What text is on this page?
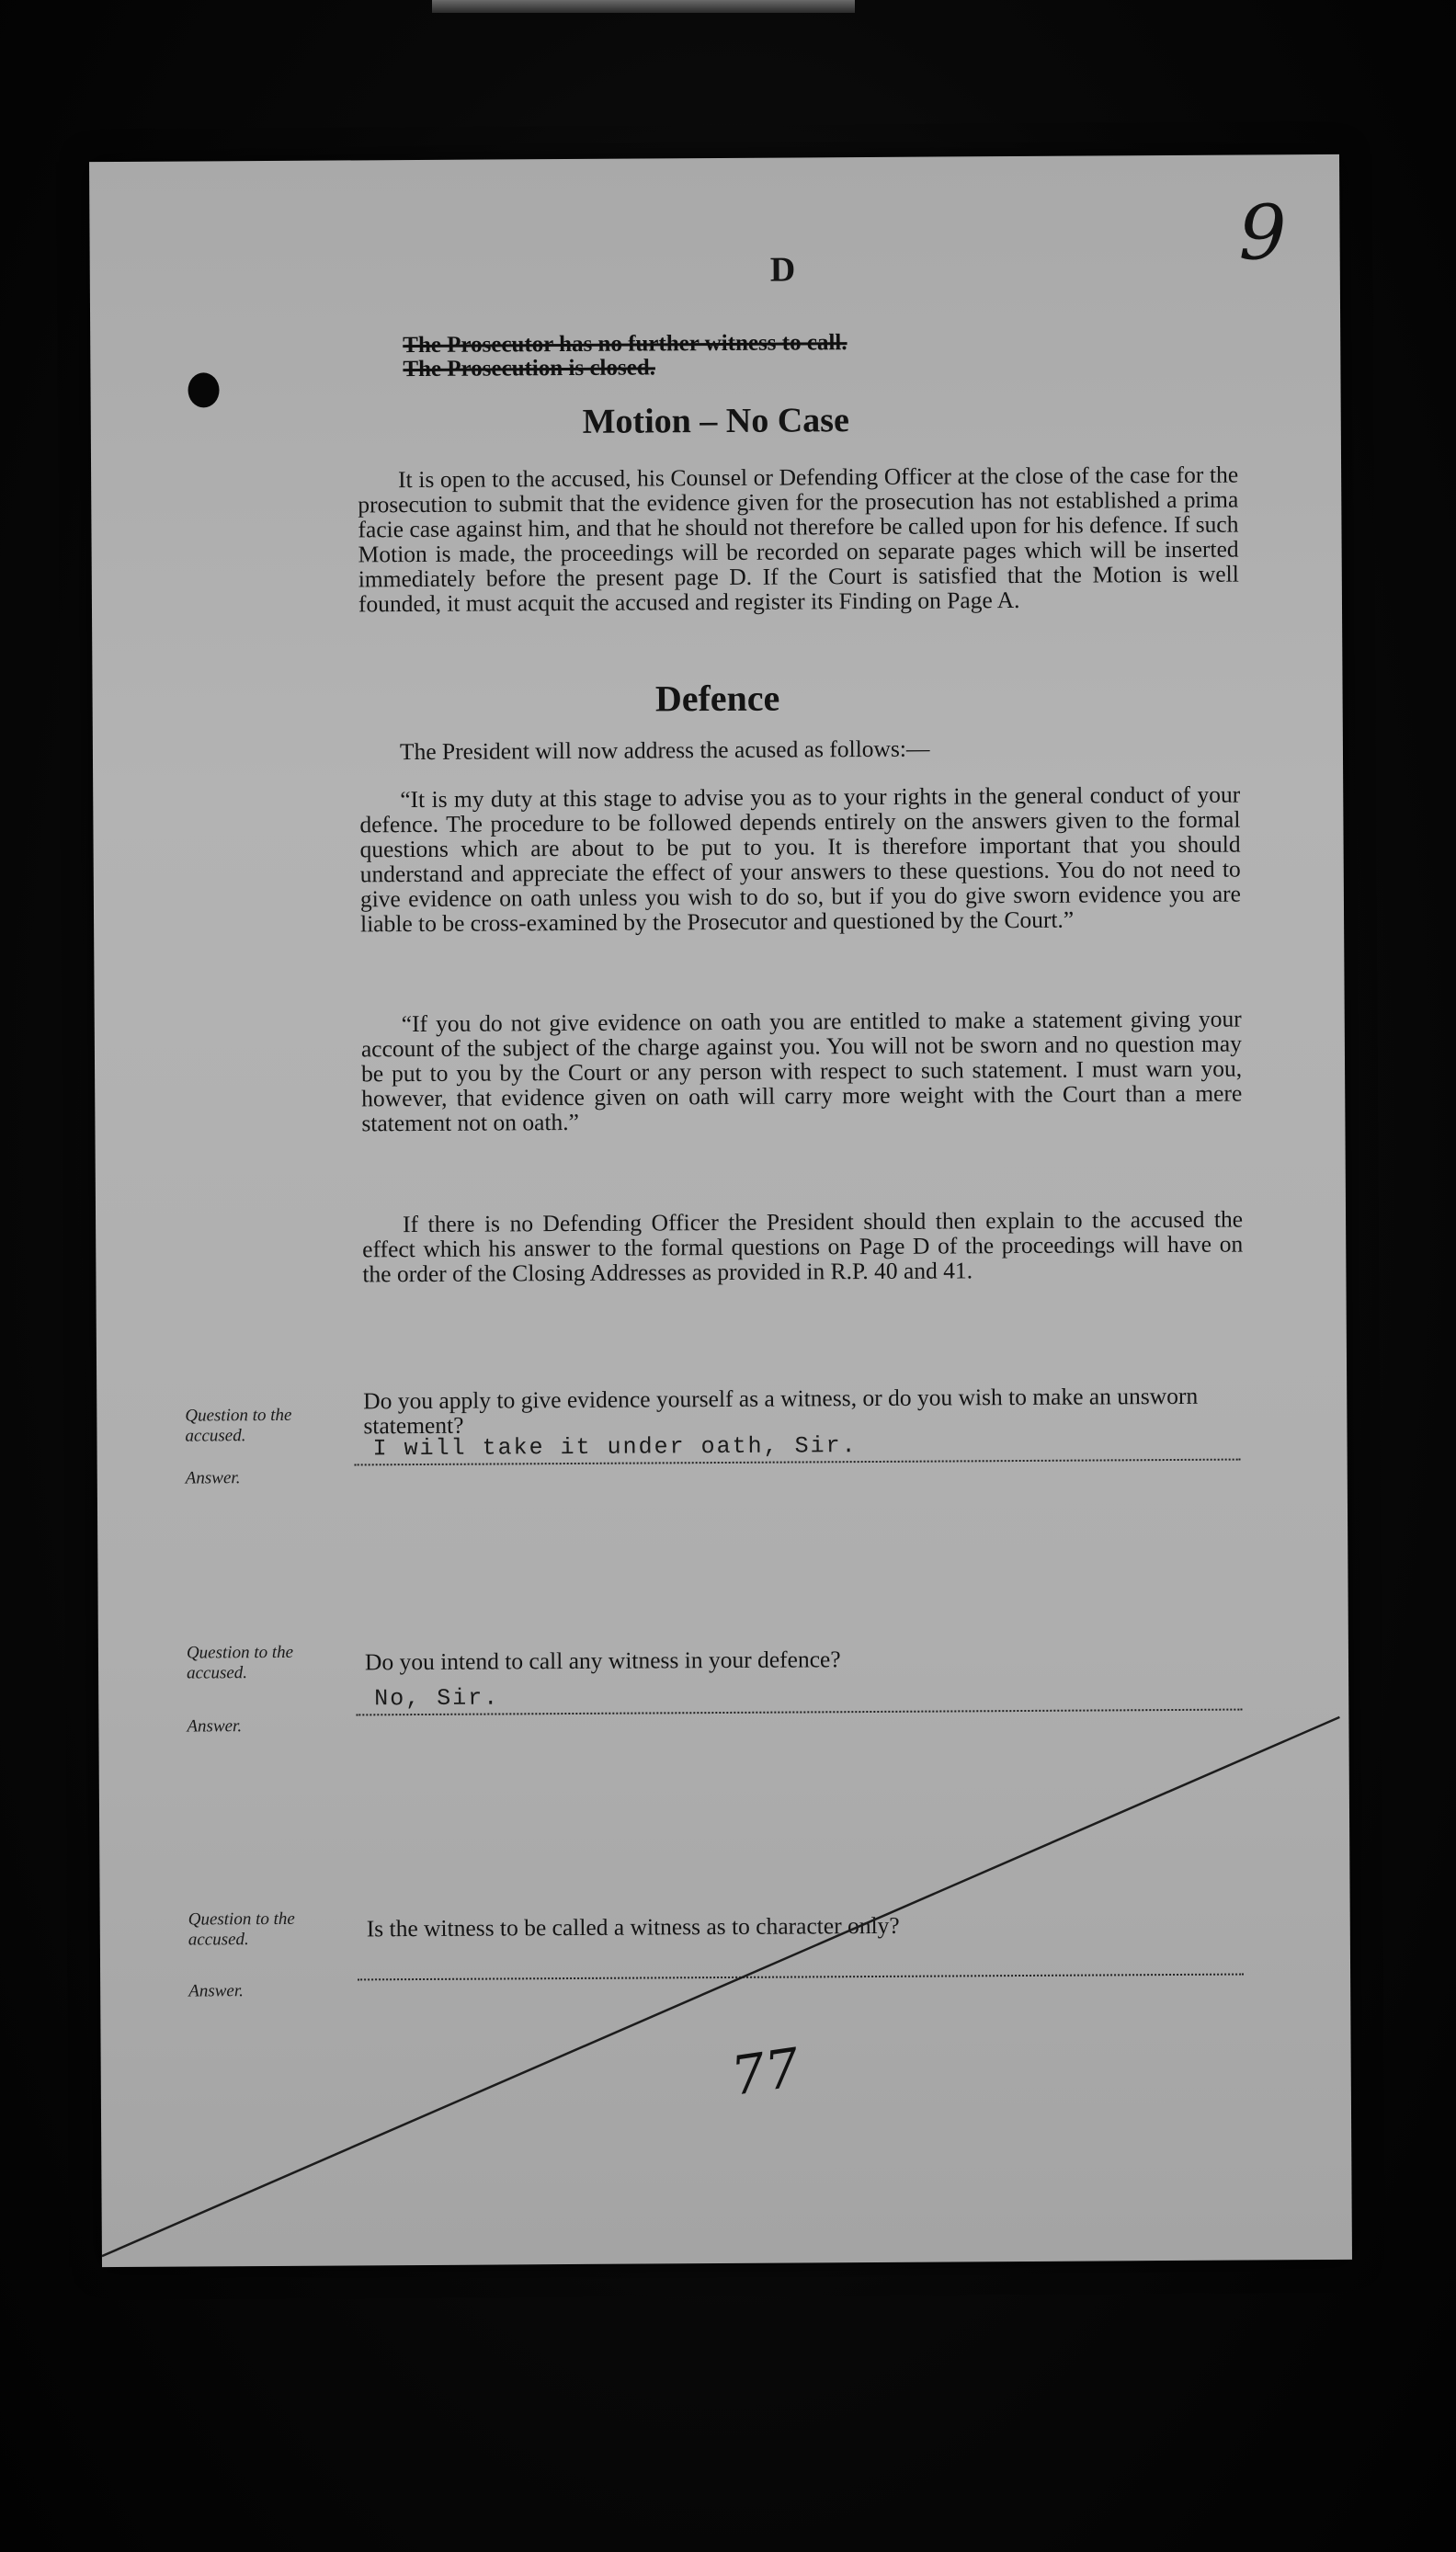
9
D
The Prosecutor has no further witness to call.
The Prosecution is closed.
Motion – No Case
It is open to the accused, his Counsel or Defending Officer at the close of the case for the prosecution to submit that the evidence given for the prosecution has not established a prima facie case against him, and that he should not therefore be called upon for his defence. If such Motion is made, the proceedings will be recorded on separate pages which will be inserted immediately before the present page D. If the Court is satisfied that the Motion is well founded, it must acquit the accused and register its Finding on Page A.
Defence
The President will now address the acused as follows:—
“It is my duty at this stage to advise you as to your rights in the general conduct of your defence. The procedure to be followed depends entirely on the answers given to the formal questions which are about to be put to you. It is therefore important that you should understand and appreciate the effect of your answers to these questions. You do not need to give evidence on oath unless you wish to do so, but if you do give sworn evidence you are liable to be cross-examined by the Prosecutor and questioned by the Court.”
“If you do not give evidence on oath you are entitled to make a statement giving your account of the subject of the charge against you. You will not be sworn and no question may be put to you by the Court or any person with respect to such statement. I must warn you, however, that evidence given on oath will carry more weight with the Court than a mere statement not on oath.”
If there is no Defending Officer the President should then explain to the accused the effect which his answer to the formal questions on Page D of the proceedings will have on the order of the Closing Addresses as provided in R.P. 40 and 41.
Question to the accused.
Do you apply to give evidence yourself as a witness, or do you wish to make an unsworn statement?
Answer.
I will take it under oath, Sir.
Question to the accused.	Do you intend to call any witness in your defence?
Answer.
No, Sir.
Question to the accused.	Is the witness to be called a witness as to character only?
Answer.
77
